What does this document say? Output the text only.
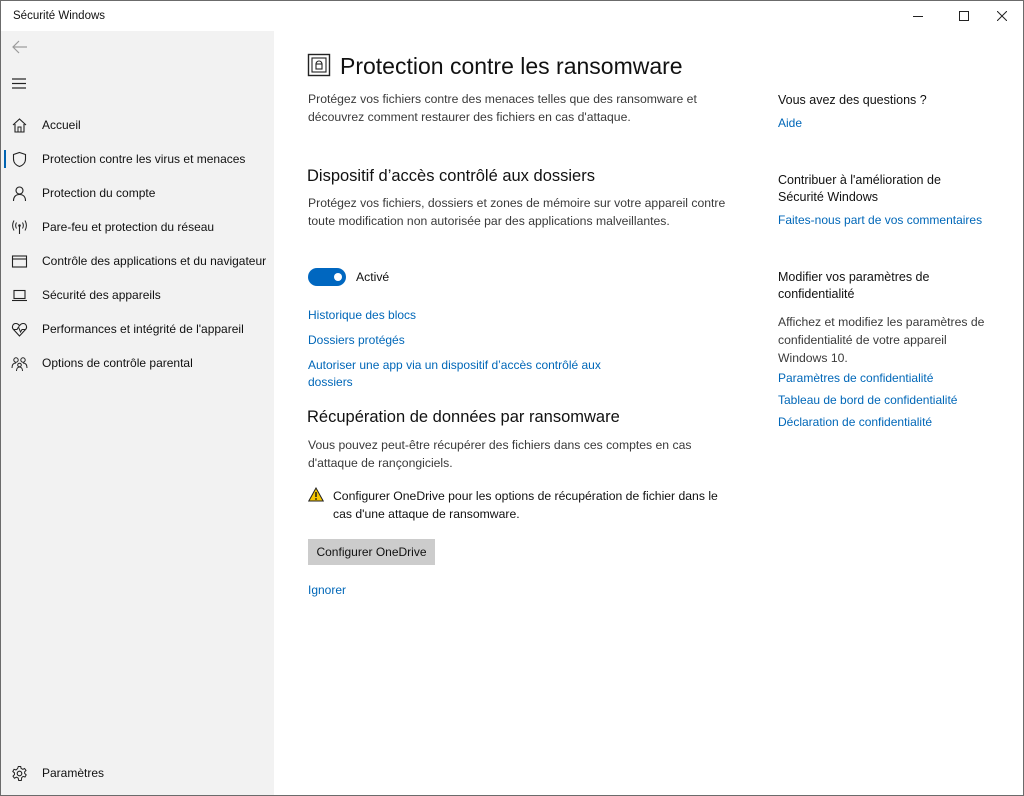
Sécurité Windows
Accueil
Protection contre les virus et menaces
Protection du compte
Pare-feu et protection du réseau
Contrôle des applications et du navigateur
Sécurité des appareils
Performances et intégrité de l'appareil
Options de contrôle parental
Paramètres
Protection contre les ransomware
Protégez vos fichiers contre des menaces telles que des ransomware et découvrez comment restaurer des fichiers en cas d'attaque.
Dispositif d’accès contrôlé aux dossiers
Protégez vos fichiers, dossiers et zones de mémoire sur votre appareil contre toute modification non autorisée par des applications malveillantes.
Activé
Historique des blocs
Dossiers protégés
Autoriser une app via un dispositif d’accès contrôlé aux dossiers
Récupération de données par ransomware
Vous pouvez peut-être récupérer des fichiers dans ces comptes en cas d'attaque de rançongiciels.
Configurer OneDrive pour les options de récupération de fichier dans le cas d'une attaque de ransomware.
Configurer OneDrive
Ignorer
Vous avez des questions ?
Aide
Contribuer à l'amélioration de Sécurité Windows
Faites-nous part de vos commentaires
Modifier vos paramètres de confidentialité
Affichez et modifiez les paramètres de confidentialité de votre appareil Windows 10.
Paramètres de confidentialité
Tableau de bord de confidentialité
Déclaration de confidentialité
